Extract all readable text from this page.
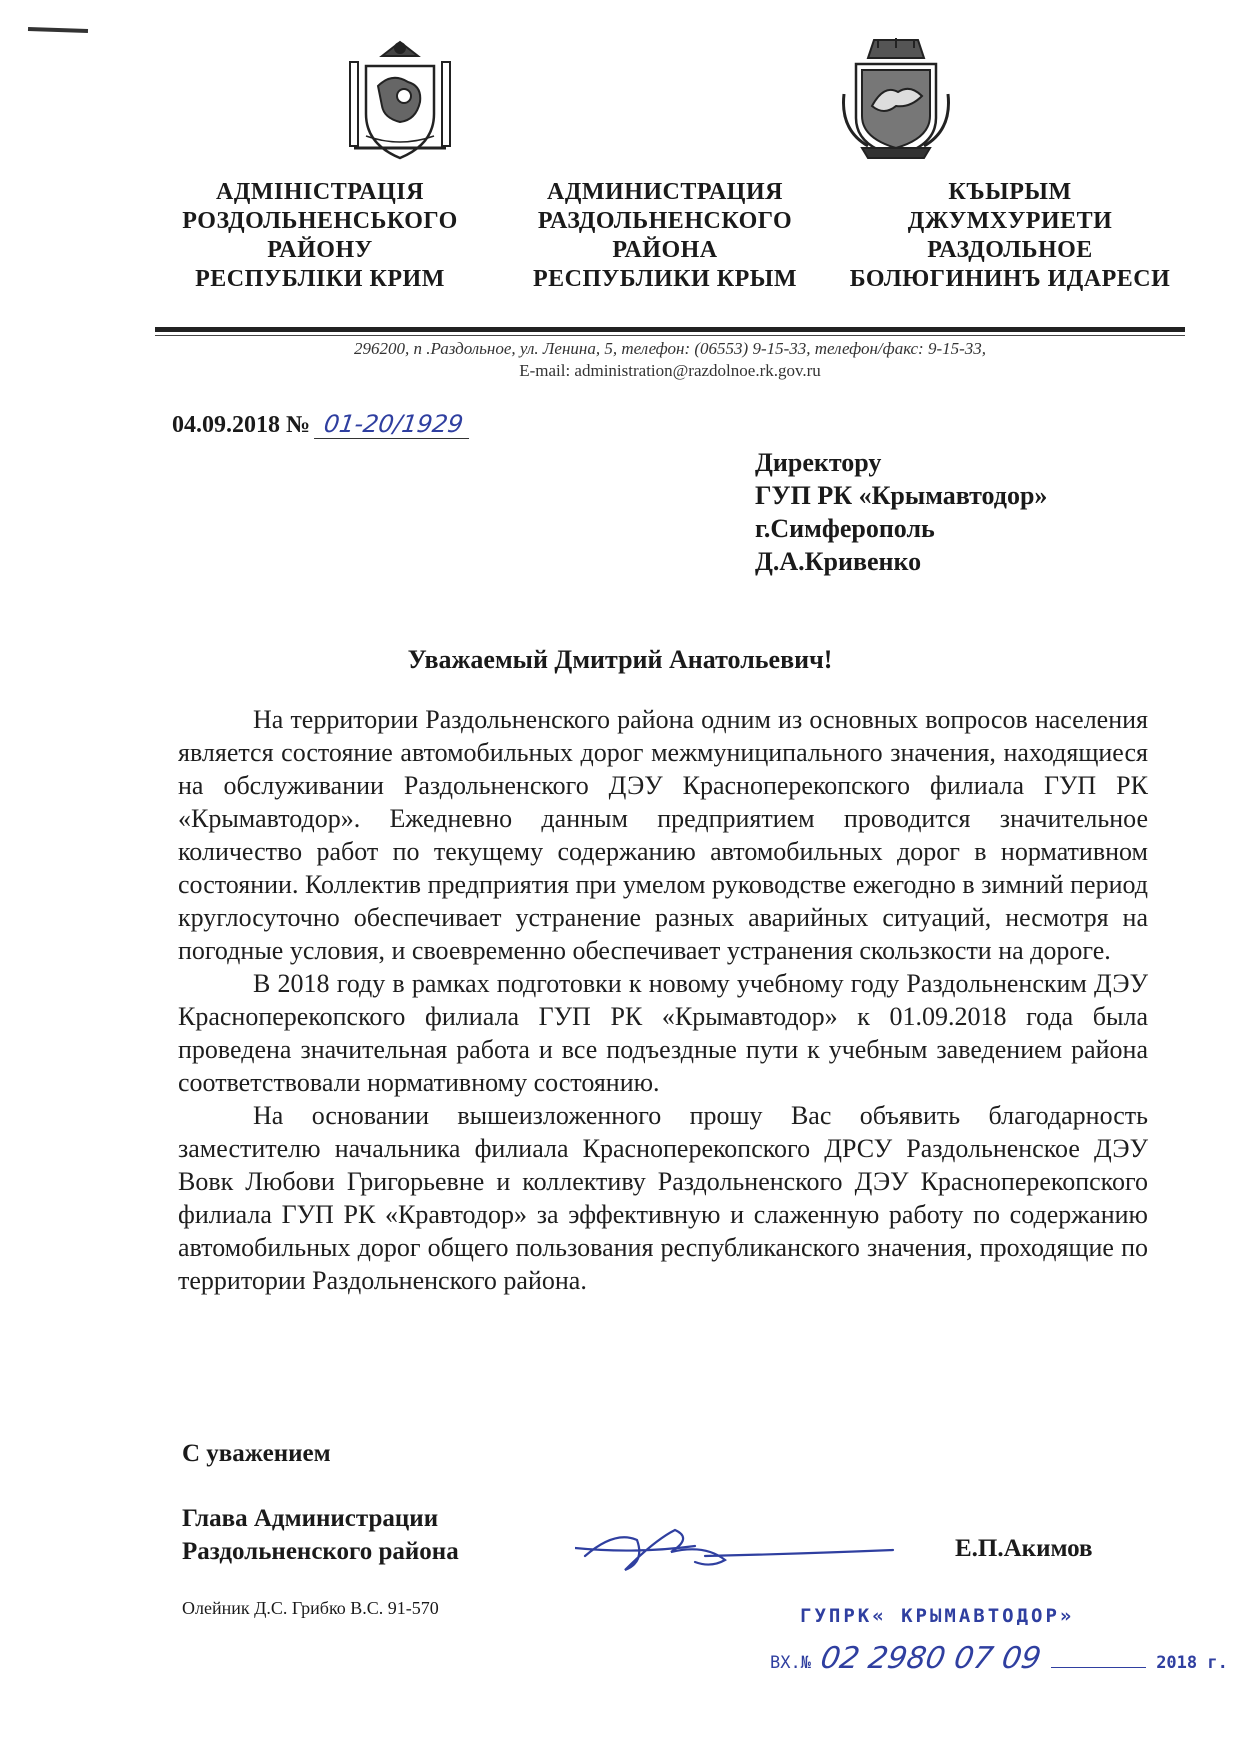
АДМІНІСТРАЦІЯ
РОЗДОЛЬНЕНСЬКОГО
РАЙОНУ
РЕСПУБЛІКИ КРИМ
АДМИНИСТРАЦИЯ
РАЗДОЛЬНЕНСКОГО
РАЙОНА
РЕСПУБЛИКИ КРЫМ
КЪЫРЫМ
ДЖУМХУРИЕТИ
РАЗДОЛЬНОЕ
БОЛЮГИНИНЪ ИДАРЕСИ
296200, п .Раздольное, ул. Ленина, 5, телефон: (06553) 9-15-33, телефон/факс: 9-15-33,
E-mail: administration@razdolnoe.rk.gov.ru
04.09.2018 № 01-20/1929
Директору
ГУП РК «Крымавтодор»
г.Симферополь
Д.А.Кривенко
Уважаемый Дмитрий Анатольевич!

На территории Раздольненского района одним из основных вопросов населения является состояние автомобильных дорог межмуниципального значения, находящиеся на обслуживании Раздольненского ДЭУ Красноперекопского филиала ГУП РК «Крымавтодор». Ежедневно данным предприятием проводится значительное количество работ по текущему содержанию автомобильных дорог в нормативном состоянии. Коллектив предприятия при умелом руководстве ежегодно в зимний период круглосуточно обеспечивает устранение разных аварийных ситуаций, несмотря на погодные условия, и своевременно обеспечивает устранения скользкости на дороге.

В 2018 году в рамках подготовки к новому учебному году Раздольненским ДЭУ Красноперекопского филиала ГУП РК «Крымавтодор» к 01.09.2018 года была проведена значительная работа и все подъездные пути к учебным заведением района соответствовали нормативному состоянию.

На основании вышеизложенного прошу Вас объявить благодарность заместителю начальника филиала Красноперекопского ДРСУ Раздольненское ДЭУ Вовк Любови Григорьевне и коллективу Раздольненского ДЭУ Красноперекопского филиала ГУП РК «Кравтодор» за эффективную и слаженную работу по содержанию автомобильных дорог общего пользования республиканского значения, проходящие по территории Раздольненского района.

С уважением
Глава Администрации
Раздольненского района	Е.П.Акимов
Олейник Д.С. Грибко В.С. 91-570	ГУПРК« КРЫМАВТОДОР»
ВХ.№ 02 2980 07 09	2018 г.
